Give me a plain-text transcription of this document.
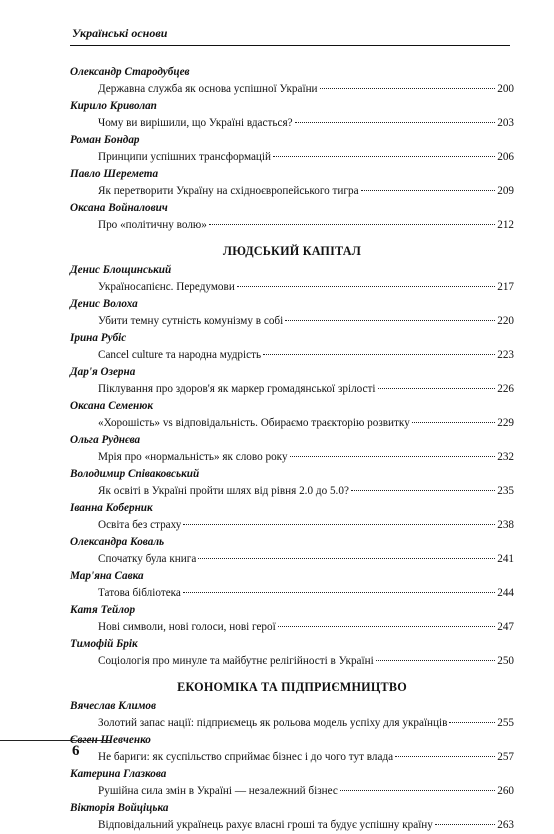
Українські основи
Олександр Стародубцев
Державна служба як основа успішної України	200
Кирило Криволап
Чому ви вирішили, що Україні вдасться?	203
Роман Бондар
Принципи успішних трансформацій	206
Павло Шеремета
Як перетворити Україну на східноєвропейського тигра	209
Оксана Войналович
Про «політичну волю»	212
ЛЮДСЬКИЙ КАПІТАЛ
Денис Блощинський
Україносапієнс. Передумови	217
Денис Волоха
Убити темну сутність комунізму в собі	220
Ірина Рубіс
Cancel culture та народна мудрість	223
Дар'я Озерна
Піклування про здоров'я як маркер громадянської зрілості	226
Оксана Семенюк
«Хорошість» vs відповідальність. Обираємо траєкторію розвитку	229
Ольга Руднєва
Мрія про «нормальність» як слово року	232
Володимир Співаковський
Як освіті в Україні пройти шлях від рівня 2.0 до 5.0?	235
Іванна Коберник
Освіта без страху	238
Олександра Коваль
Спочатку була книга	241
Мар'яна Савка
Татова бібліотека	244
Катя Тейлор
Нові символи, нові голоси, нові герої	247
Тимофій Брік
Соціологія про минуле та майбутнє релігійності в Україні	250
ЕКОНОМІКА ТА ПІДПРИЄМНИЦТВО
Вячеслав Климов
Золотий запас нації: підприємець як рольова модель успіху для українців	255
Євген Шевченко
Не бариги: як суспільство сприймає бізнес і до чого тут влада	257
Катерина Глазкова
Рушійна сила змін в Україні — незалежний бізнес	260
Вікторія Войціцька
Відповідальний українець рахує власні гроші та будує успішну країну	263
6
